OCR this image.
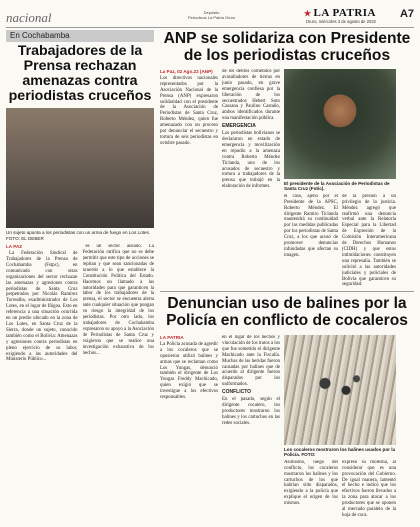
nacional	Depósito
Periodicos La Patria Oruro	★ LA PATRIA
Oruro, miércoles 3 de agosto de 2022
A7
En Cochabamba
Trabajadores de la Prensa rechazan amenazas contra periodistas cruceños
Un sujeto apunta a los periodistas con un arma de fuego en Los Lotes. FOTO: EL DEBER
LA PAZ

La Federación Sindical de Trabajadores de la Prensa de Cochabamba (Fstpc), en comunicado con otras organizaciones del sector rechazan las amenazas y agresiones contra periodistas de Santa Cruz perpetrados por Nicolás Ramírez Torrealba, exadministrador de Los Lotes, en el lugar de Iñigoa. Esto en referencia a una situación ocurrida en un predio ubicado en la zona de Los Lotes, en Santa Cruz de la Sierra, donde un sujeto, conocido también como el Bolivia: Amenazas y agresiones contra periodistas en pleno ejercicio de su labor, exigiendo a las autoridades del Ministerio Público...

es un sector aislado. La Federación ratifica que no se debe permitir que este tipo de acciones se repitan y que sean sancionadas de acuerdo a lo que establece la Constitución Política del Estado. Hacemos un llamado a las autoridades para que garanticen la labor de los trabajadores de la prensa, el sector se encuentra alerta ante cualquier situación que pongan en riesgo la integridad de los periodistas. Por otro lado, los trabajadores de Cochabamba expresaron su apoyo a la Asociación de Periodistas de Santa Cruz y exigieron que se realice una investigación exhaustiva de los hechos...

ANP se solidariza con Presidente de los periodistas cruceños
La Paz, 02 Ago.22 (ANP)

Los directivos nacionales representados por la Asociación Nacional de la Prensa (ANP) expresaron solidaridad con el presidente de la Asociación de Periodistas de Santa Cruz, Roberto Méndez, quien fue amenazado con un proceso por denunciar el secuestro y tortura de seis periodistas en octubre pasado.

de los delitos cometidos por avasalladores de tierras en junio pasado, en grave emergencia confiesa por la liberación de los secuestrados Hebert Soto Cassana y Paulino Castaño, ambos identificados durante una manifestación pública.

EMERGENCIA

Los periodistas bolivianos se declararon en estado de emergencia y movilización en repudio a la amenaza contra Roberto Méndez Ticlanda, uno de los acusados de secuestro y tortura a trabajadores de la prensa que trabajó en la elaboración de informes.

El presidente de la Asociación de Periodistas de Santa Cruz (Fotic).
el caso, ajeno por el Presidente de la APSC, Roberto Méndez. El dirigente Ramiro Ticlanda mantendrá su continuidad por las medidas publicadas por los periodistas de Santa Cruz, a los que acusó de promover denuncias infundadas que afectan su imagen.
de la presión a un privilegio de la justicia. Méndez agregó que reafirmó una denuncia verbal ante la Relatoría Especial para la Libertad de Expresión de la Comisión Interamericana de Derechos Humanos (CIDH) y que estos intimidaciones constituyen una represalia. También se solicitó a las autoridades judiciales y policiales de Bolivia que garanticen su seguridad.
Denuncian uso de balines por la Policía en conflicto de cocaleros
LA PATRIA

La Policía acusada de agredir a los cocaleros que se opusieron utilizó balines y armas que se reclaman como Los Yungas, denunció también el dirigente de Los Yungas Freddy Machicado, quien exigió que se investigue a los efectivos responsables.

en el lugar de los hechos y vinculación de los tratos a los que fue sometido el dirigente Machicado ante la Fiscalía. Muchas de las heridas fueron causadas por balines que de acuerdo al dirigente fueron disparados por los uniformados.

CONFLICTO

En el pasado, según el dirigente cocalero, los productores mostraron los balines y los cartuchos en las redes sociales.

Los cocaleros mostraron los balines usados por la Policía. FOTO:
Asimismo, luego del conflicto, los cocaleros mostraron los balines y los cartuchos de los que habrían sido disparados, exigiendo a la policía que explique el origen de los mismos.
expresó su molestia, al considerar que es una provocación del Gobierno. De igual manera, lamentó el hecho e indicó que los efectivos fueron llevados a la zona para atacar a los productores que se oponen al mercado paralelo de la hoja de coca.
